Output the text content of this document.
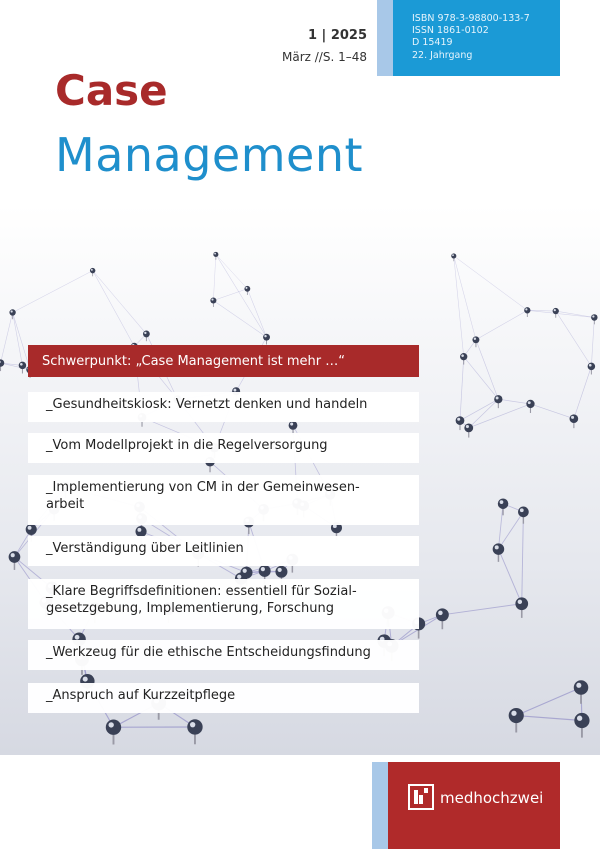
1 | 2025
März //S. 1–48
ISBN 978-3-98800-133-7
ISSN 1861-0102
D 15419
22. Jahrgang
Case
Management
Schwerpunkt: „Case Management ist mehr …“
_Gesundheitskiosk: Vernetzt denken und handeln
_Vom Modellprojekt in die Regelversorgung
_Implementierung von CM in der Gemeinwesen-
arbeit
_Verständigung über Leitlinien
_Klare Begriffsdefinitionen: essentiell für Sozial-
gesetzgebung, Implementierung, Forschung
_Werkzeug für die ethische Entscheidungsfindung
_Anspruch auf Kurzzeitpflege
medhochzwei
